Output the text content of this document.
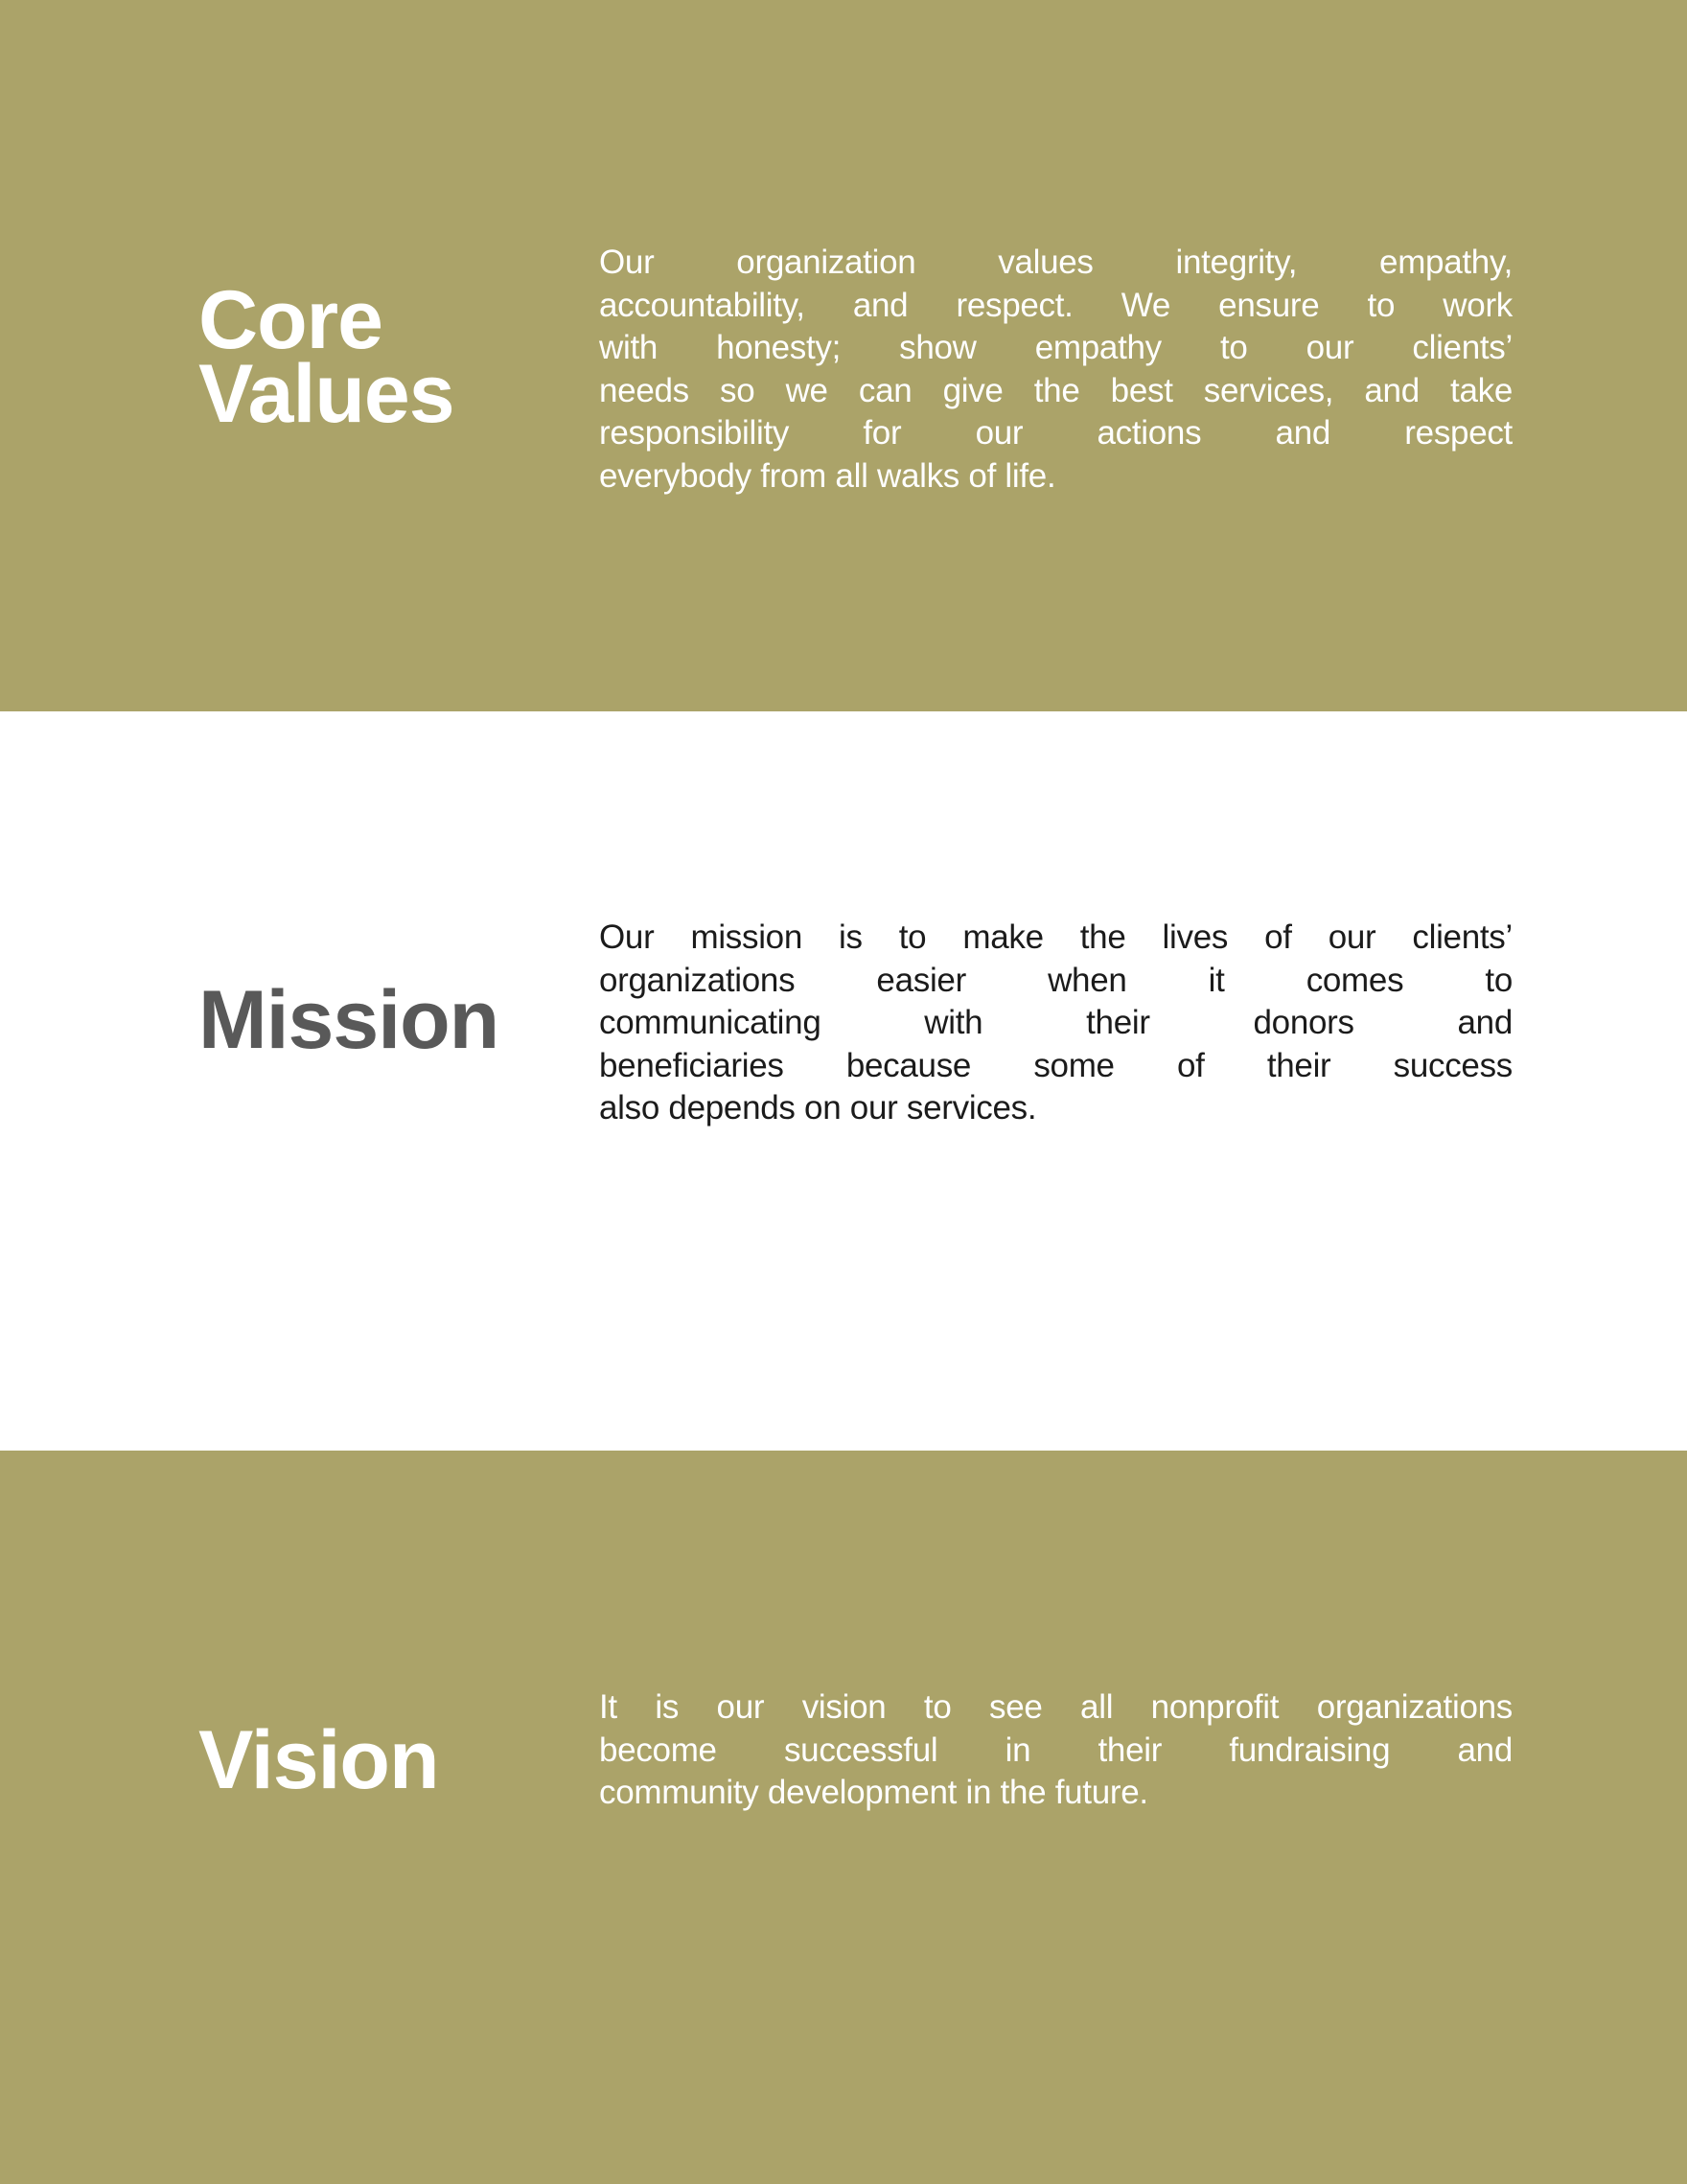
Core
Values
Our organization values integrity, empathy,
accountability, and respect. We ensure to work
with honesty; show empathy to our clients’
needs so we can give the best services, and take
responsibility for our actions and respect
everybody from all walks of life.
Mission
Our mission is to make the lives of our clients’
organizations easier when it comes to
communicating with their donors and
beneficiaries because some of their success
also depends on our services.
Vision
It is our vision to see all nonprofit organizations
become successful in their fundraising and
community development in the future.
